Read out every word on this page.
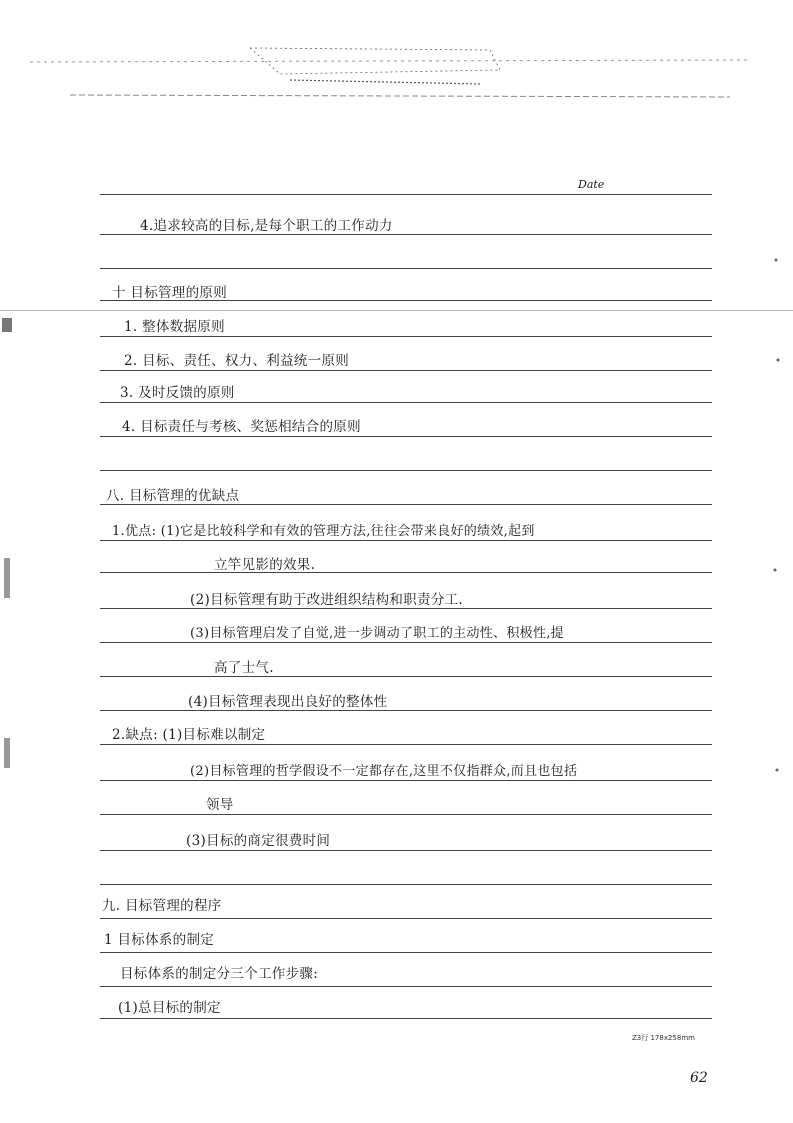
Date
4.追求较高的目标,是每个职工的工作动力
十 目标管理的原则
1. 整体数据原则
2. 目标、责任、权力、利益统一原则
3. 及时反馈的原则
4. 目标责任与考核、奖惩相结合的原则
八. 目标管理的优缺点
1.优点: (1)它是比较科学和有效的管理方法,往往会带来良好的绩效,起到
立竿见影的效果.
(2)目标管理有助于改进组织结构和职责分工.
(3)目标管理启发了自觉,进一步调动了职工的主动性、积极性,提
高了士气.
(4)目标管理表现出良好的整体性
2.缺点: (1)目标难以制定
(2)目标管理的哲学假设不一定都存在,这里不仅指群众,而且也包括
领导
(3)目标的商定很费时间
九. 目标管理的程序
1 目标体系的制定
目标体系的制定分三个工作步骤:
(1)总目标的制定
Z3行 178x258mm
62
